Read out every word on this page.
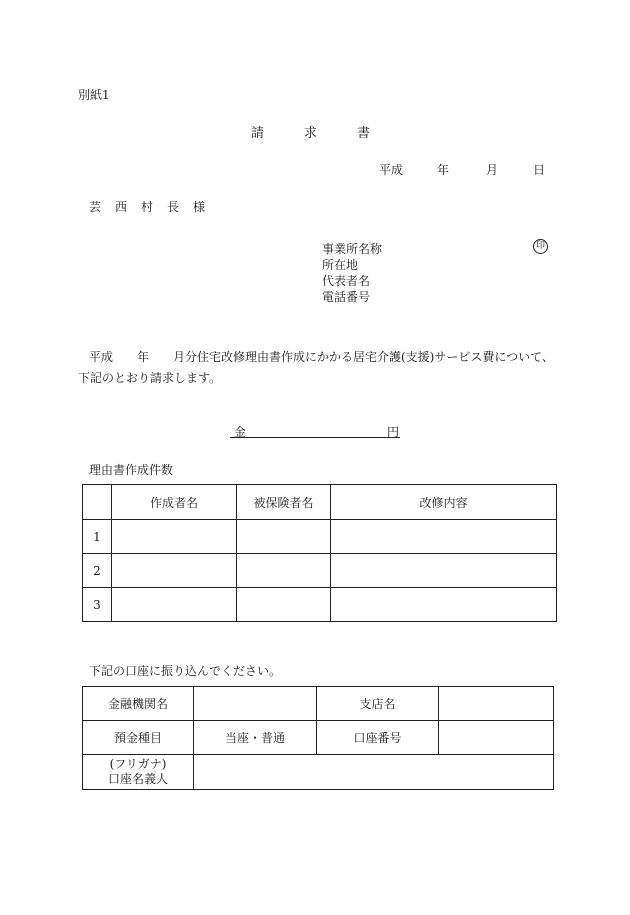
別紙1
請求書
平成	年	月	日
芸西村長様
事業所名称	印
所在地
代表者名
電話番号
平成　　年　　月分住宅改修理由書作成にかかる居宅介護(支援)サービス費について、
下記のとおり請求します。
金	円
理由書作成件数
	作成者名	被保険者名	改修内容
1			
2			
3			
下記の口座に振り込んでください。
金融機関名		支店名	
預金種目	当座・普通	口座番号	

(フリガナ)
口座名義人			
